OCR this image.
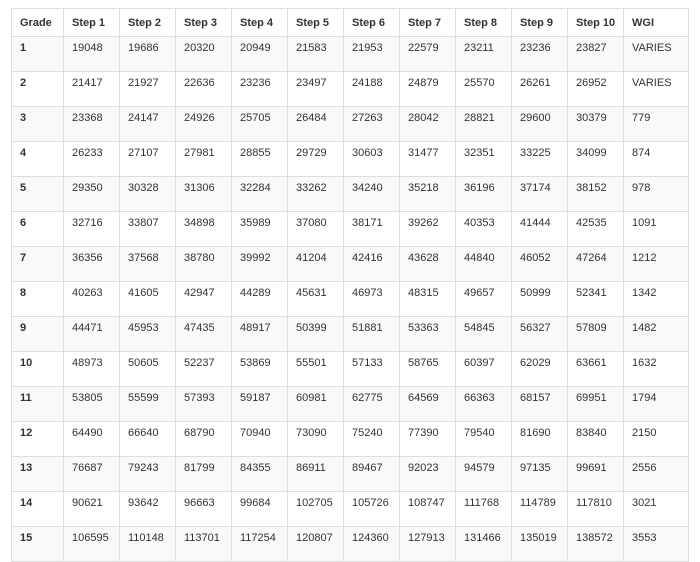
Grade	Step 1	Step 2	Step 3	Step 4	Step 5	Step 6	Step 7	Step 8	Step 9	Step 10	WGI
1	19048	19686	20320	20949	21583	21953	22579	23211	23236	23827	VARIES
2	21417	21927	22636	23236	23497	24188	24879	25570	26261	26952	VARIES
3	23368	24147	24926	25705	26484	27263	28042	28821	29600	30379	779
4	26233	27107	27981	28855	29729	30603	31477	32351	33225	34099	874
5	29350	30328	31306	32284	33262	34240	35218	36196	37174	38152	978
6	32716	33807	34898	35989	37080	38171	39262	40353	41444	42535	1091
7	36356	37568	38780	39992	41204	42416	43628	44840	46052	47264	1212
8	40263	41605	42947	44289	45631	46973	48315	49657	50999	52341	1342
9	44471	45953	47435	48917	50399	51881	53363	54845	56327	57809	1482
10	48973	50605	52237	53869	55501	57133	58765	60397	62029	63661	1632
11	53805	55599	57393	59187	60981	62775	64569	66363	68157	69951	1794
12	64490	66640	68790	70940	73090	75240	77390	79540	81690	83840	2150
13	76687	79243	81799	84355	86911	89467	92023	94579	97135	99691	2556
14	90621	93642	96663	99684	102705	105726	108747	111768	114789	117810	3021
15	106595	110148	113701	117254	120807	124360	127913	131466	135019	138572	3553
